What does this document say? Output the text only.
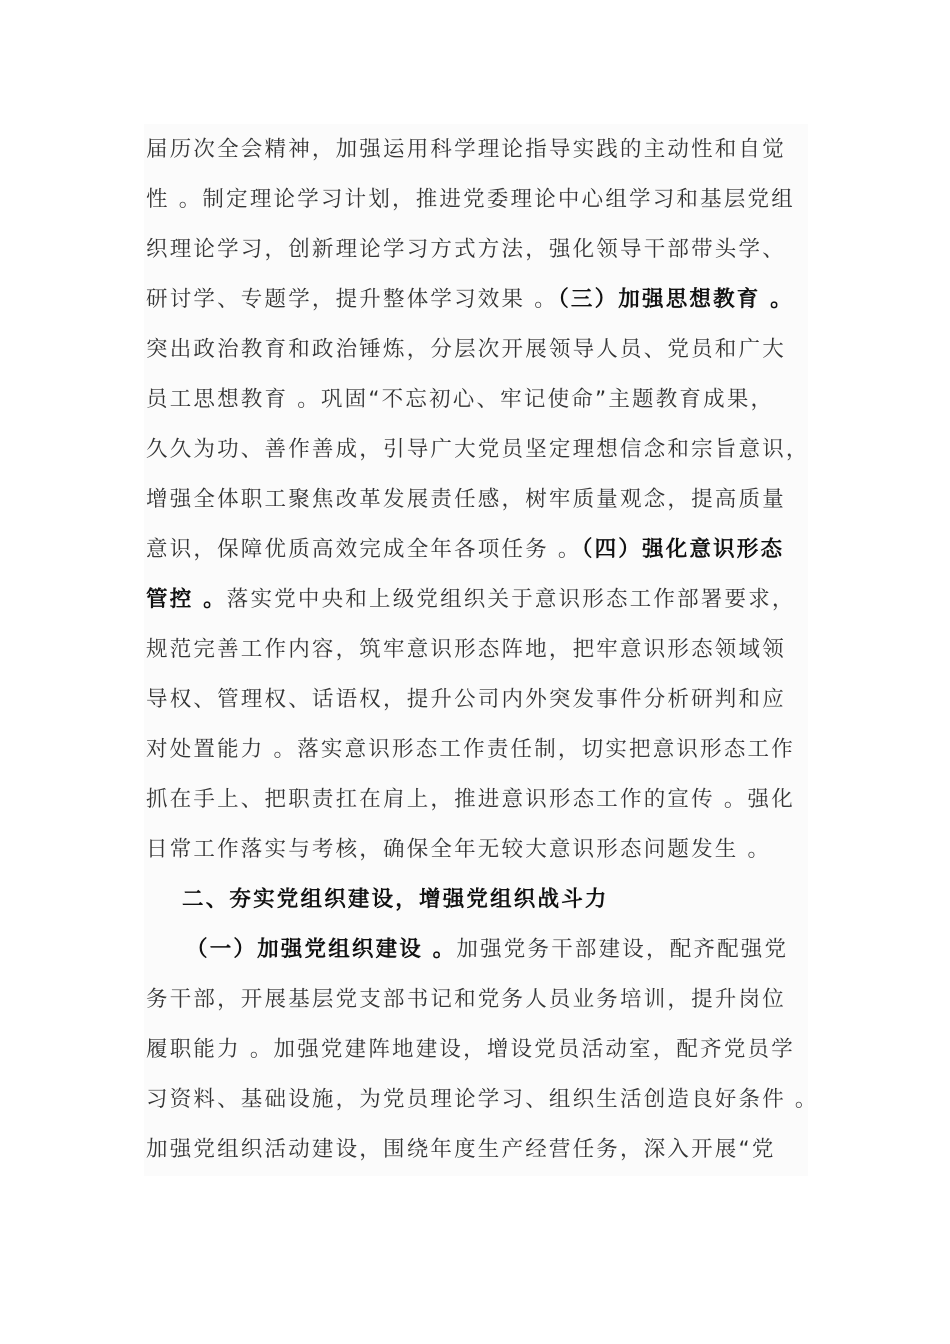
届历次全会精神，加强运用科学理论指导实践的主动性和自觉
性 。制定理论学习计划，推进党委理论中心组学习和基层党组
织理论学习，创新理论学习方式方法，强化领导干部带头学、
研讨学、专题学，提升整体学习效果 。（三）加强思想教育 。
突出政治教育和政治锤炼，分层次开展领导人员、党员和广大
员工思想教育 。巩固“不忘初心、牢记使命”主题教育成果，
久久为功、善作善成，引导广大党员坚定理想信念和宗旨意识，
增强全体职工聚焦改革发展责任感，树牢质量观念，提高质量
意识，保障优质高效完成全年各项任务 。（四）强化意识形态
管控 。落实党中央和上级党组织关于意识形态工作部署要求，
规范完善工作内容，筑牢意识形态阵地，把牢意识形态领域领
导权、管理权、话语权，提升公司内外突发事件分析研判和应
对处置能力 。落实意识形态工作责任制，切实把意识形态工作
抓在手上、把职责扛在肩上，推进意识形态工作的宣传 。强化
日常工作落实与考核，确保全年无较大意识形态问题发生 。
二、夯实党组织建设，增强党组织战斗力
（一）加强党组织建设 。加强党务干部建设，配齐配强党
务干部，开展基层党支部书记和党务人员业务培训，提升岗位
履职能力 。加强党建阵地建设，增设党员活动室，配齐党员学
习资料、基础设施，为党员理论学习、组织生活创造良好条件 。
加强党组织活动建设，围绕年度生产经营任务，深入开展“党
